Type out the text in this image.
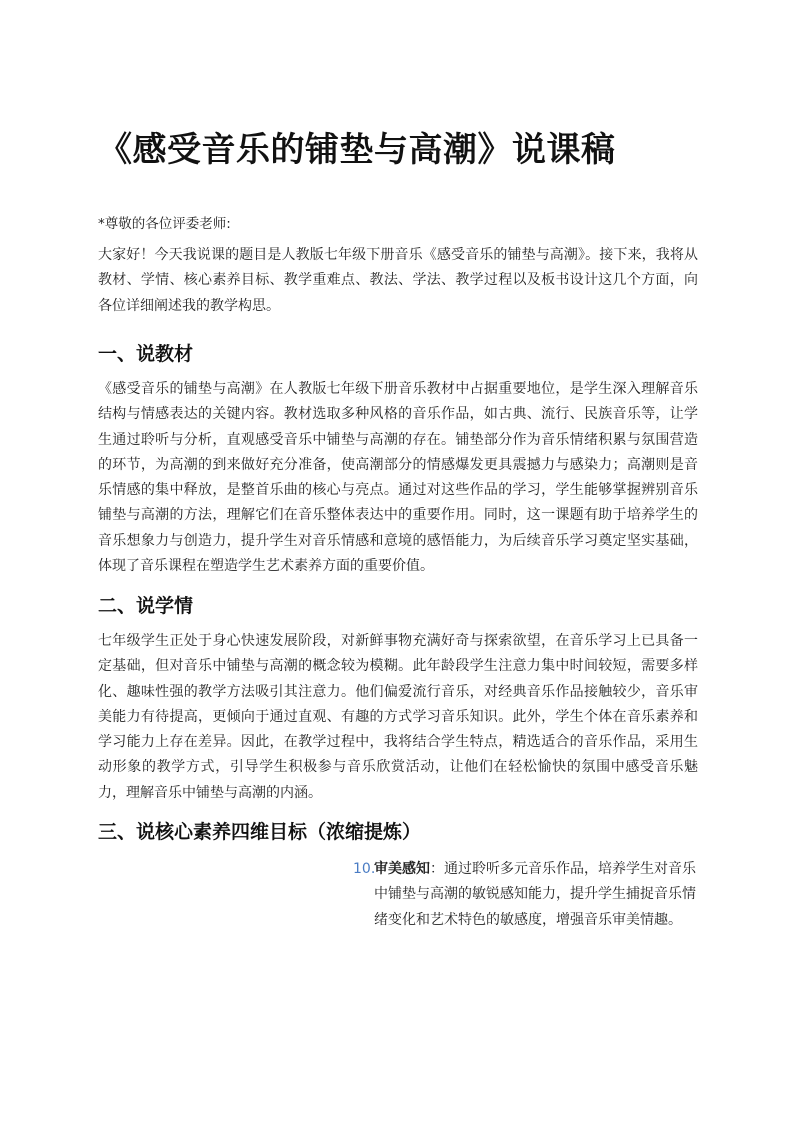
《感受音乐的铺垫与高潮》说课稿
*尊敬的各位评委老师:
大家好！今天我说课的题目是人教版七年级下册音乐《感受音乐的铺垫与高潮》。接下来，我将从教材、学情、核心素养目标、教学重难点、教法、学法、教学过程以及板书设计这几个方面，向各位详细阐述我的教学构思。
一、说教材
《感受音乐的铺垫与高潮》在人教版七年级下册音乐教材中占据重要地位，是学生深入理解音乐结构与情感表达的关键内容。教材选取多种风格的音乐作品，如古典、流行、民族音乐等，让学生通过聆听与分析，直观感受音乐中铺垫与高潮的存在。铺垫部分作为音乐情绪积累与氛围营造的环节，为高潮的到来做好充分准备，使高潮部分的情感爆发更具震撼力与感染力；高潮则是音乐情感的集中释放，是整首乐曲的核心与亮点。通过对这些作品的学习，学生能够掌握辨别音乐铺垫与高潮的方法，理解它们在音乐整体表达中的重要作用。同时，这一课题有助于培养学生的音乐想象力与创造力，提升学生对音乐情感和意境的感悟能力，为后续音乐学习奠定坚实基础，体现了音乐课程在塑造学生艺术素养方面的重要价值。
二、说学情
七年级学生正处于身心快速发展阶段，对新鲜事物充满好奇与探索欲望，在音乐学习上已具备一定基础，但对音乐中铺垫与高潮的概念较为模糊。此年龄段学生注意力集中时间较短，需要多样化、趣味性强的教学方法吸引其注意力。他们偏爱流行音乐，对经典音乐作品接触较少，音乐审美能力有待提高，更倾向于通过直观、有趣的方式学习音乐知识。此外，学生个体在音乐素养和学习能力上存在差异。因此，在教学过程中，我将结合学生特点，精选适合的音乐作品，采用生动形象的教学方式，引导学生积极参与音乐欣赏活动，让他们在轻松愉快的氛围中感受音乐魅力，理解音乐中铺垫与高潮的内涵。
三、说核心素养四维目标（浓缩提炼）
10.
审美感知：通过聆听多元音乐作品，培养学生对音乐中铺垫与高潮的敏锐感知能力，提升学生捕捉音乐情绪变化和艺术特色的敏感度，增强音乐审美情趣。
